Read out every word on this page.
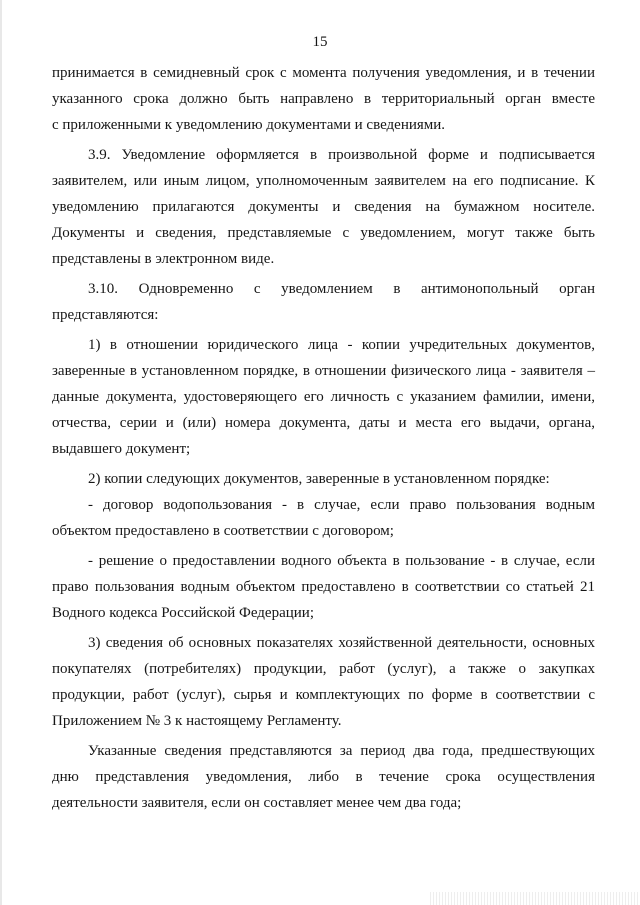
15
принимается в семидневный срок с момента получения уведомления, и в течении
указанного срока должно быть направлено в территориальный орган вместе
с приложенными к уведомлению документами и сведениями.
3.9. Уведомление оформляется в произвольной форме и подписывается
заявителем, или иным лицом, уполномоченным заявителем на его подписание. К
уведомлению прилагаются документы и сведения на бумажном носителе.
Документы и сведения, представляемые с уведомлением, могут также быть
представлены в электронном виде.
3.10. Одновременно с уведомлением в антимонопольный орган
представляются:
1) в отношении юридического лица - копии учредительных документов,
заверенные в установленном порядке, в отношении физического лица - заявителя –
данные документа, удостоверяющего его личность с указанием фамилии, имени,
отчества, серии и (или) номера документа, даты и места его выдачи, органа,
выдавшего документ;
2) копии следующих документов, заверенные в установленном порядке:
- договор водопользования - в случае, если право пользования водным
объектом предоставлено в соответствии с договором;
- решение о предоставлении водного объекта в пользование - в случае, если
право пользования водным объектом предоставлено в соответствии со статьей 21
Водного кодекса Российской Федерации;
3) сведения об основных показателях хозяйственной деятельности, основных
покупателях (потребителях) продукции, работ (услуг), а также о закупках
продукции, работ (услуг), сырья и комплектующих по форме в соответствии с
Приложением № 3 к настоящему Регламенту.
Указанные сведения представляются за период два года, предшествующих
дню представления уведомления, либо в течение срока осуществления
деятельности заявителя, если он составляет менее чем два года;
